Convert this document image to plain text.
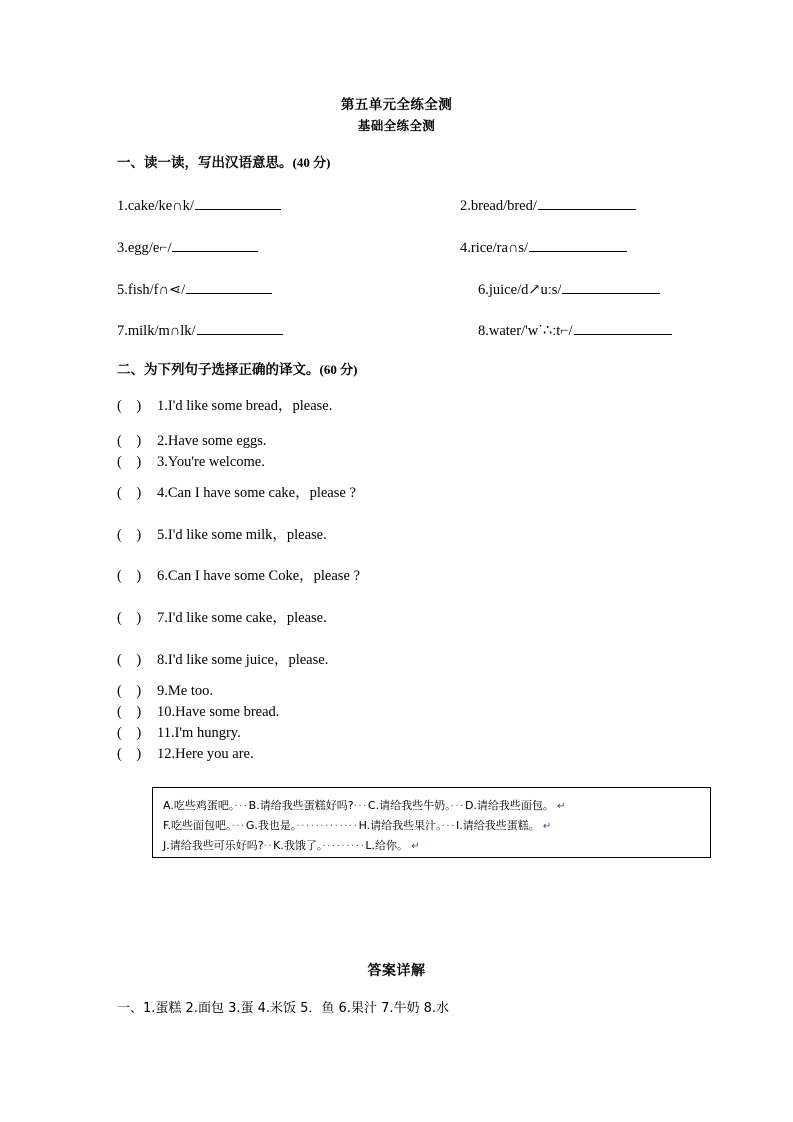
第五单元全练全测
基础全练全测
一、读一读，写出汉语意思。(40 分)
1.cake/ke∩k/	2.bread/bred/
3.egg/e⌐/	4.rice/ra∩s/
5.fish/f∩⋖/	6.juice/d↗uːs/
7.milk/m∩lk/	8.water/'w˙∴ːt⌐/
二、为下列句子选择正确的译文。(60 分)
(    ) 1.I'd like some bread，please.
(    ) 2.Have some eggs.
(    ) 3.You're welcome.
(    ) 4.Can I have some cake，please ?
(    ) 5.I'd like some milk，please.
(    ) 6.Can I have some Coke，please ?
(    ) 7.I'd like some cake，please.
(    ) 8.I'd like some juice，please.
(    ) 9.Me too.
(    ) 10.Have some bread.
(    ) 11.I'm hungry.
(    ) 12.Here you are.
A.吃些鸡蛋吧。···B.请给我些蛋糕好吗?···C.请给我些牛奶。···D.请给我些面包。 ↵
F.吃些面包吧。···G.我也是。·············H.请给我些果汁。···I.请给我些蛋糕。 ↵
J.请给我些可乐好吗?··K.我饿了。·········L.给你。 ↵
答案详解
一、1.蛋糕 2.面包 3.蛋 4.米饭 5．鱼 6.果汁 7.牛奶 8.水
